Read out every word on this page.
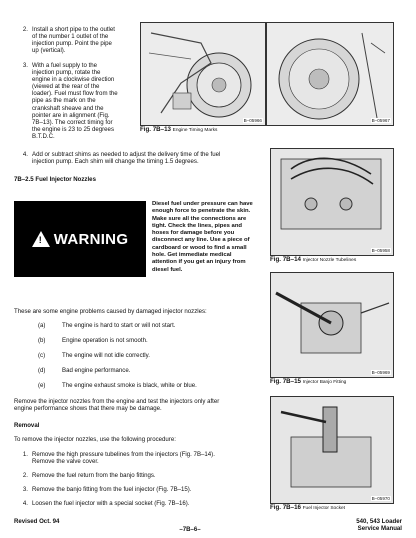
2. Install a short pipe to the outlet
of the number 1 outlet of the
injection pump. Point the pipe
up (vertical).
3. With a fuel supply to the
injection pump, rotate the
engine in a clockwise direction
(viewed at the rear of the
loader). Fuel must flow from the
pipe as the mark on the
crankshaft sheave and the
pointer are in alignment (Fig.
7B–13). The correct timing for
the engine is 23 to 25 degrees
B.T.D.C.
B–05966	B–05967
Fig. 7B–13 Engine Timing Marks
4. Add or subtract shims as needed to adjust the delivery time of the fuel
injection pump. Each shim will change the timing 1.5 degrees.
7B–2.5 Fuel Injector Nozzles
! WARNING
Diesel fuel under pressure can have
enough force to penetrate the skin.
Make sure all the connections are
tight. Check the lines, pipes and
hoses for damage before you
disconnect any line. Use a piece of
cardboard or wood to find a small
hole. Get immediate medical
attention if you get an injury from
diesel fuel.
B–05958
Fig. 7B–14 Injector Nozzle Tubelines
These are some engine problems caused by damaged injector nozzles:
(a)	The engine is hard to start or will not start.
(b)	Engine operation is not smooth.
(c)	The engine will not idle correctly.
(d)	Bad engine performance.
(e)	The engine exhaust smoke is black, white or blue.
B–05969
Fig. 7B–15 Injector Banjo Fitting
Remove the injector nozzles from the engine and test the injectors only after
engine performance shows that there may be damage.
Removal
To remove the injector nozzles, use the following procedure:
1. Remove the high pressure tubelines from the injectors (Fig. 7B–14).
Remove the valve cover.
2. Remove the fuel return from the banjo fittings.
3. Remove the banjo fitting from the fuel injector (Fig. 7B–15).
4. Loosen the fuel injector with a special socket (Fig. 7B–16).
B–05970
Fig. 7B–16 Fuel Injector Socket
Revised Oct. 94
–7B–6–
540, 543 Loader
Service Manual
